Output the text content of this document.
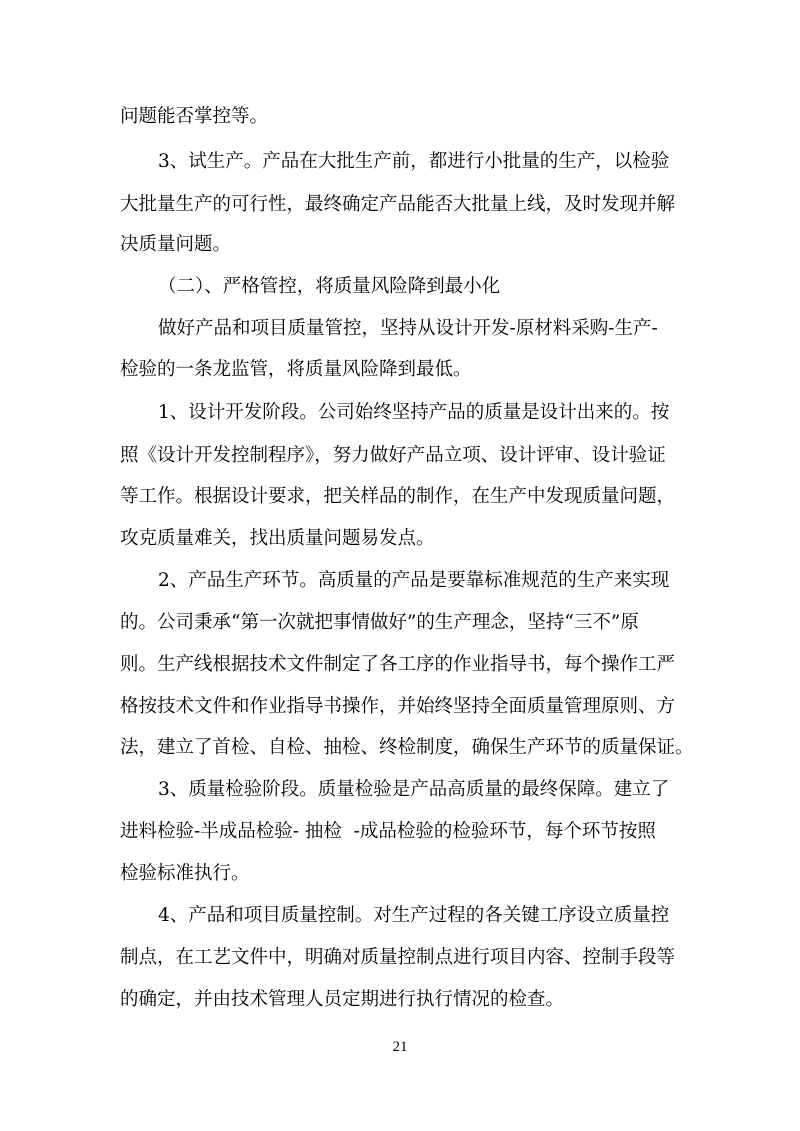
问题能否掌控等。
3、试生产。产品在大批生产前，都进行小批量的生产，以检验
大批量生产的可行性，最终确定产品能否大批量上线，及时发现并解
决质量问题。
（二）、严格管控，将质量风险降到最小化
做好产品和项目质量管控，坚持从设计开发-原材料采购-生产-
检验的一条龙监管，将质量风险降到最低。
1、设计开发阶段。公司始终坚持产品的质量是设计出来的。按
照《设计开发控制程序》，努力做好产品立项、设计评审、设计验证
等工作。根据设计要求，把关样品的制作，在生产中发现质量问题，
攻克质量难关，找出质量问题易发点。
2、产品生产环节。高质量的产品是要靠标准规范的生产来实现
的。公司秉承“第一次就把事情做好”的生产理念，坚持“三不”原
则。生产线根据技术文件制定了各工序的作业指导书，每个操作工严
格按技术文件和作业指导书操作，并始终坚持全面质量管理原则、方
法，建立了首检、自检、抽检、终检制度，确保生产环节的质量保证。
3、质量检验阶段。质量检验是产品高质量的最终保障。建立了
进料检验-半成品检验- 抽检  -成品检验的检验环节，每个环节按照
检验标准执行。
4、产品和项目质量控制。对生产过程的各关键工序设立质量控
制点，在工艺文件中，明确对质量控制点进行项目内容、控制手段等
的确定，并由技术管理人员定期进行执行情况的检查。
21
